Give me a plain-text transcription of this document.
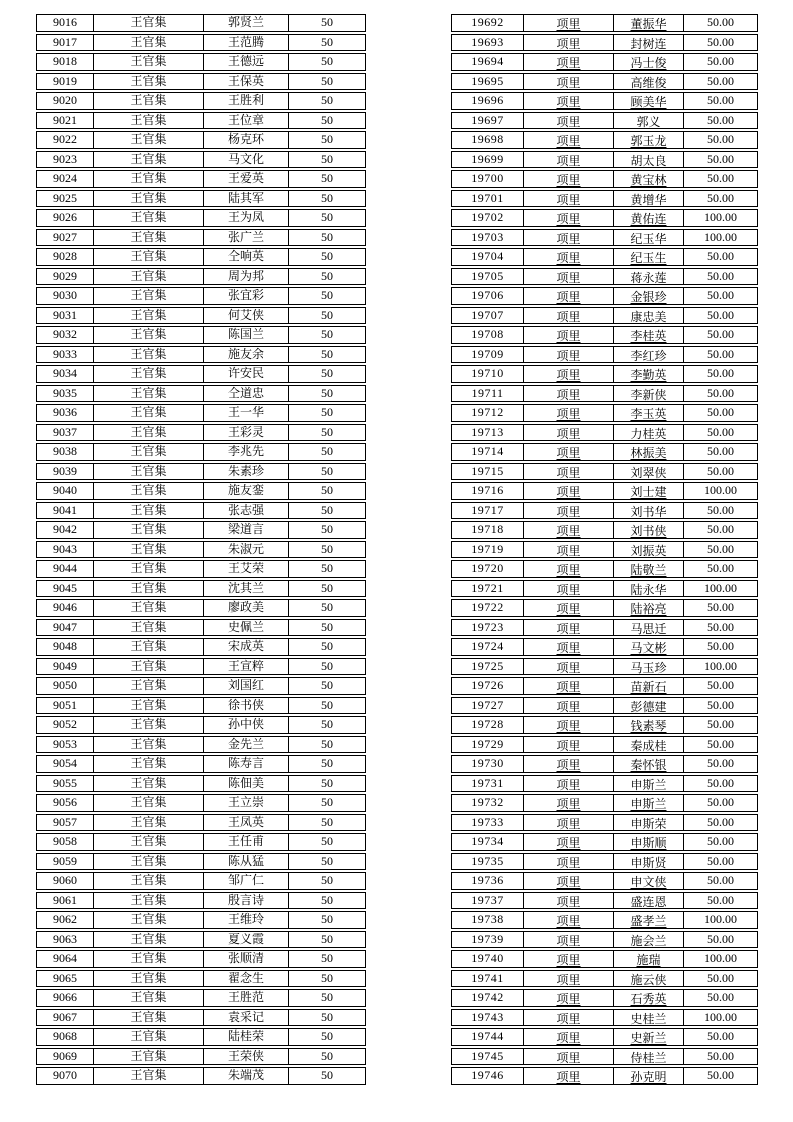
9016	王官集	郭贤兰	50
9017	王官集	王范腾	50
9018	王官集	王德远	50
9019	王官集	王保英	50
9020	王官集	王胜利	50
9021	王官集	王位章	50
9022	王官集	杨克环	50
9023	王官集	马文化	50
9024	王官集	王爱英	50
9025	王官集	陆其军	50
9026	王官集	王为凤	50
9027	王官集	张广兰	50
9028	王官集	仝响英	50
9029	王官集	周为邦	50
9030	王官集	张宜彩	50
9031	王官集	何艾侠	50
9032	王官集	陈国兰	50
9033	王官集	施友余	50
9034	王官集	许安民	50
9035	王官集	仝道忠	50
9036	王官集	王一华	50
9037	王官集	王彩灵	50
9038	王官集	李兆先	50
9039	王官集	朱素珍	50
9040	王官集	施友銮	50
9041	王官集	张志强	50
9042	王官集	梁道言	50
9043	王官集	朱淑元	50
9044	王官集	王艾荣	50
9045	王官集	沈其兰	50
9046	王官集	廖政美	50
9047	王官集	史佩兰	50
9048	王官集	宋成英	50
9049	王官集	王宣粹	50
9050	王官集	刘国红	50
9051	王官集	徐书侠	50
9052	王官集	孙中侠	50
9053	王官集	金先兰	50
9054	王官集	陈寿言	50
9055	王官集	陈佃美	50
9056	王官集	王立崇	50
9057	王官集	王凤英	50
9058	王官集	王任甫	50
9059	王官集	陈从猛	50
9060	王官集	邹广仁	50
9061	王官集	殷言诗	50
9062	王官集	王维玲	50
9063	王官集	夏义霞	50
9064	王官集	张顺清	50
9065	王官集	翟念生	50
9066	王官集	王胜范	50
9067	王官集	袁采记	50
9068	王官集	陆桂荣	50
9069	王官集	王荣侠	50
9070	王官集	朱端茂	50
19692	项里	董振华	50.00
19693	项里	封树连	50.00
19694	项里	冯士俊	50.00
19695	项里	高维俊	50.00
19696	项里	顾美华	50.00
19697	项里	郭义	50.00
19698	项里	郭玉龙	50.00
19699	项里	胡太良	50.00
19700	项里	黄宝林	50.00
19701	项里	黄增华	50.00
19702	项里	黄佑连	100.00
19703	项里	纪玉华	100.00
19704	项里	纪玉生	50.00
19705	项里	蒋永莲	50.00
19706	项里	金银珍	50.00
19707	项里	康忠美	50.00
19708	项里	李桂英	50.00
19709	项里	李红珍	50.00
19710	项里	李勤英	50.00
19711	项里	李新侠	50.00
19712	项里	李玉英	50.00
19713	项里	力桂英	50.00
19714	项里	林振美	50.00
19715	项里	刘翠侠	50.00
19716	项里	刘士建	100.00
19717	项里	刘书华	50.00
19718	项里	刘书侠	50.00
19719	项里	刘振英	50.00
19720	项里	陆敬兰	50.00
19721	项里	陆永华	100.00
19722	项里	陆裕亮	50.00
19723	项里	马思迁	50.00
19724	项里	马文彬	50.00
19725	项里	马玉珍	100.00
19726	项里	苗新石	50.00
19727	项里	彭德建	50.00
19728	项里	钱素琴	50.00
19729	项里	秦成桂	50.00
19730	项里	秦怀银	50.00
19731	项里	申斯兰	50.00
19732	项里	申斯兰	50.00
19733	项里	申斯荣	50.00
19734	项里	申斯顺	50.00
19735	项里	申斯贤	50.00
19736	项里	申文侠	50.00
19737	项里	盛连恩	50.00
19738	项里	盛孝兰	100.00
19739	项里	施会兰	50.00
19740	项里	施瑞	100.00
19741	项里	施云侠	50.00
19742	项里	石秀英	50.00
19743	项里	史桂兰	100.00
19744	项里	史新兰	50.00
19745	项里	侍桂兰	50.00
19746	项里	孙克明	50.00
